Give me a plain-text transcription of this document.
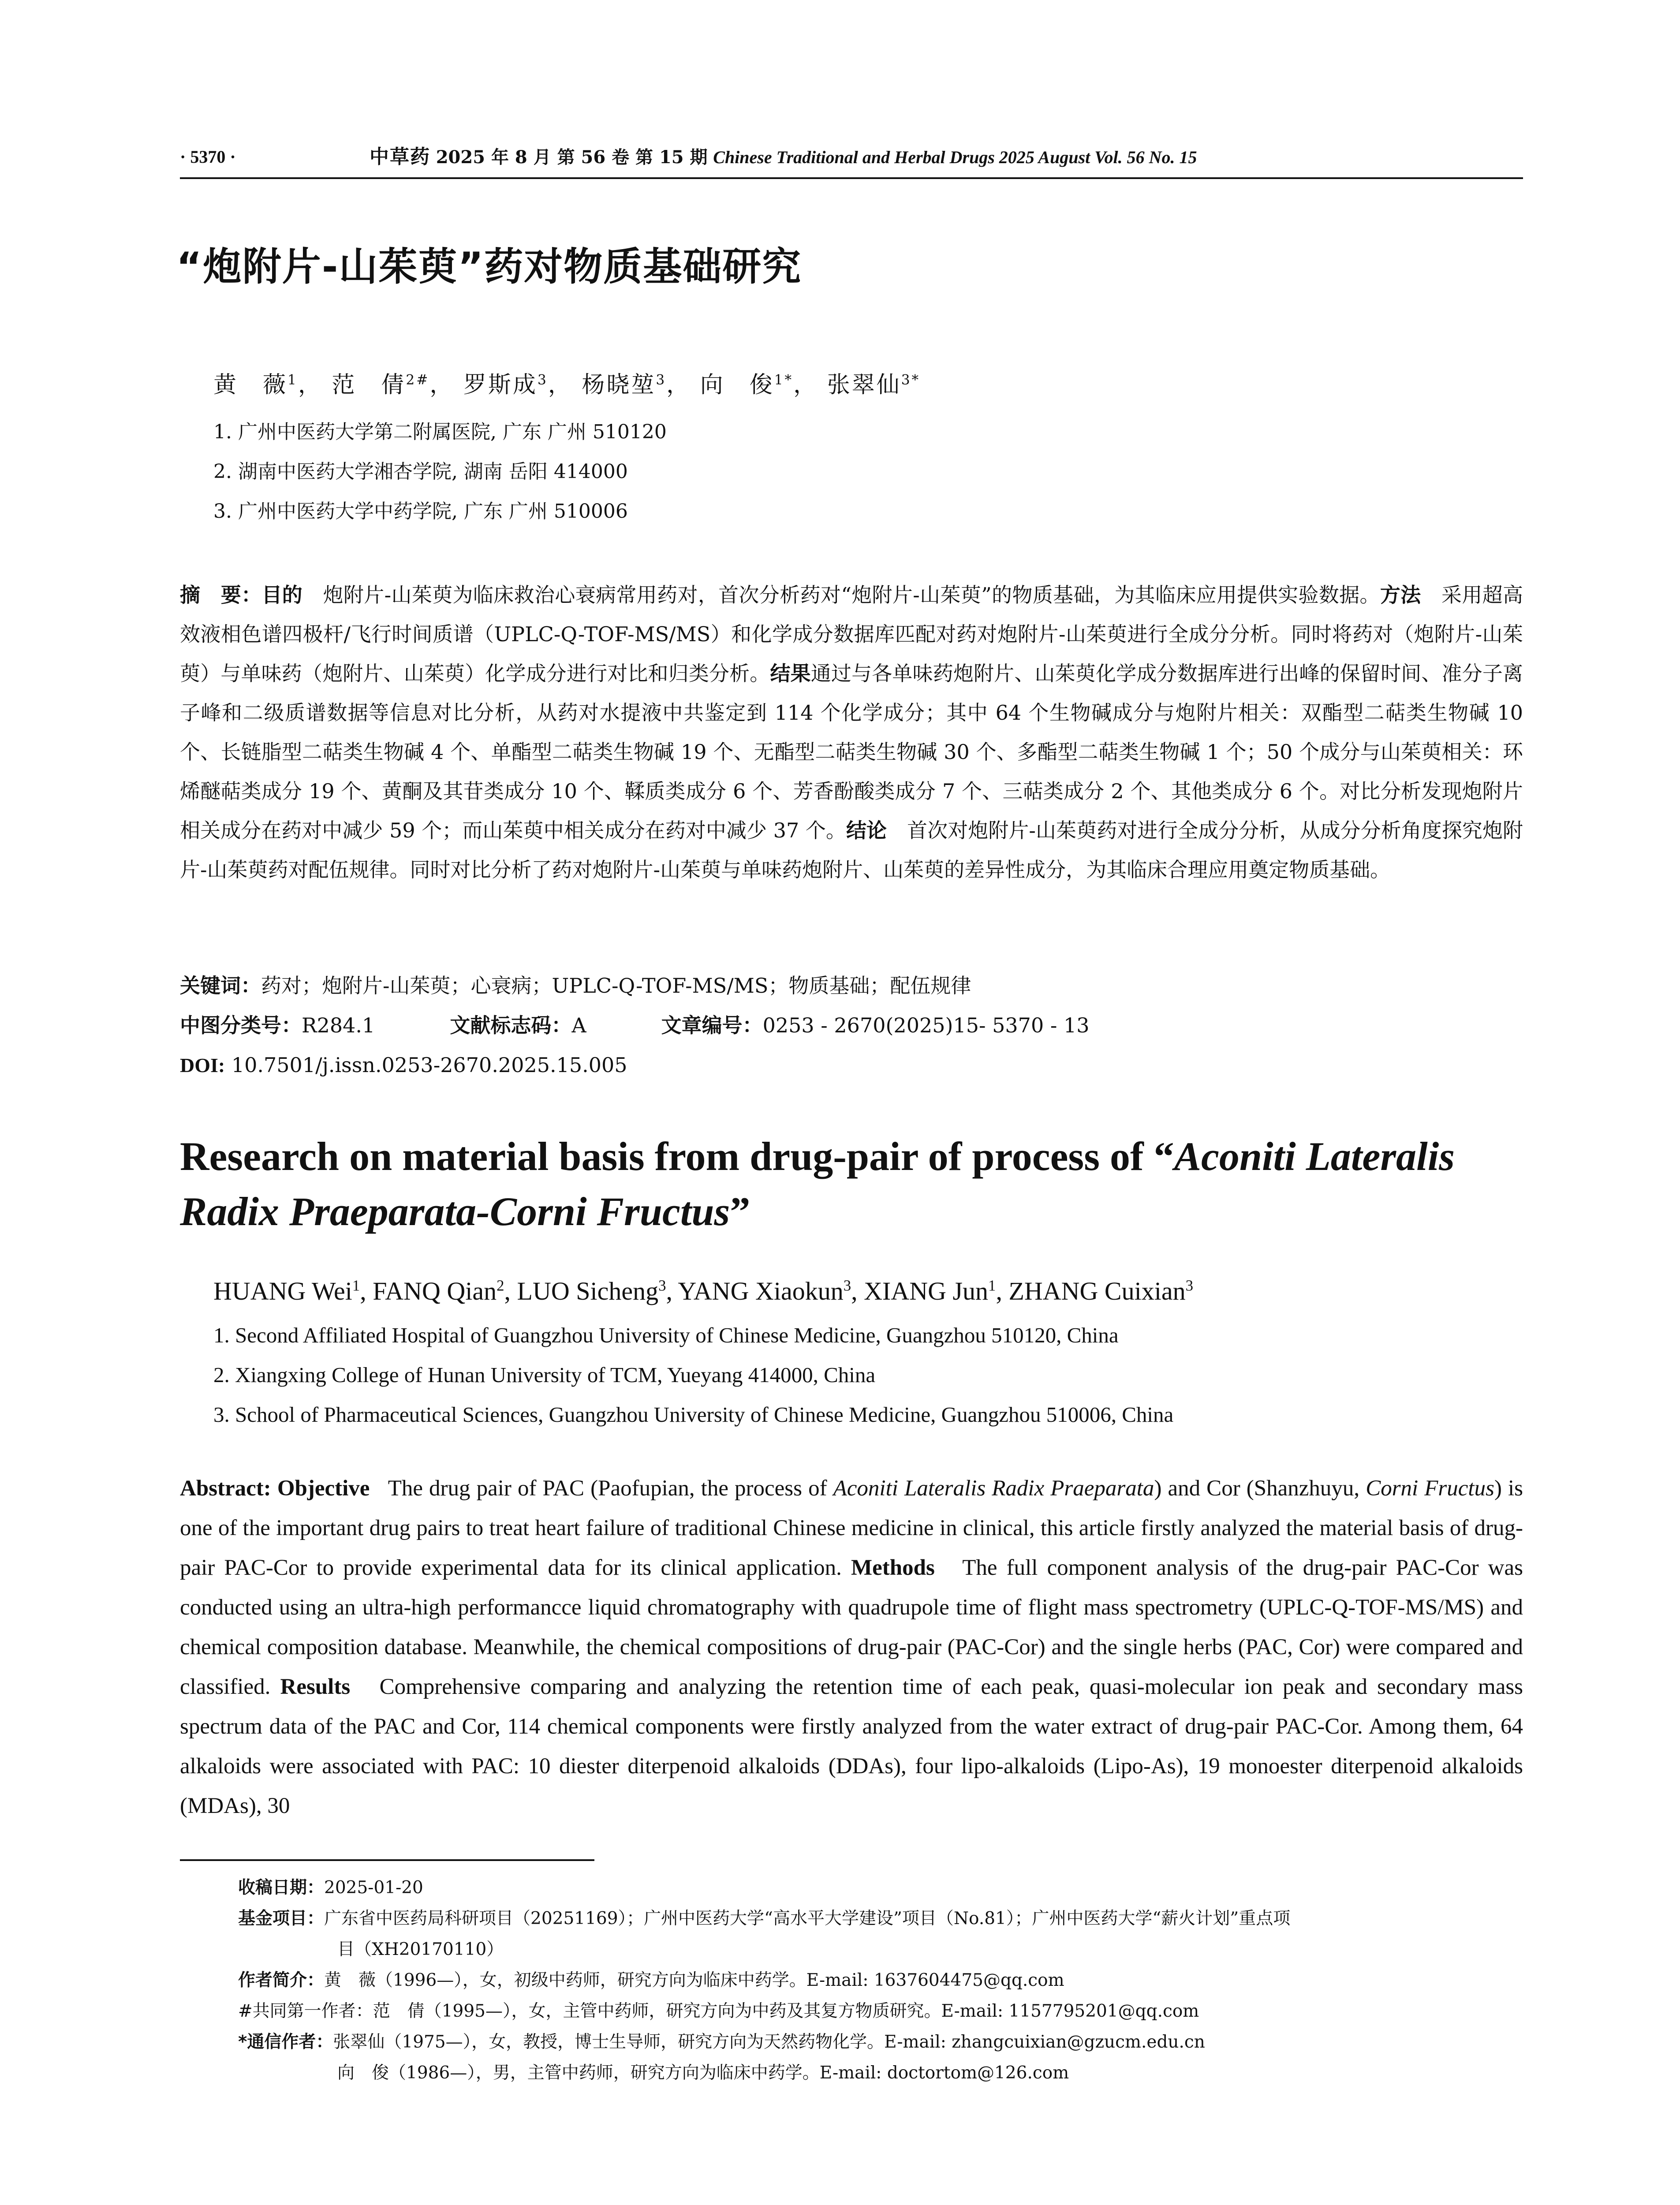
· 5370 ·	中草药 2025 年 8 月 第 56 卷 第 15 期 Chinese Traditional and Herbal Drugs 2025 August Vol. 56 No. 15
“炮附片-山茱萸”药对物质基础研究
黄　薇$^1$， 范　倩$^{2\#}$， 罗斯成$^3$， 杨晓堃$^3$， 向　俊$^{1*}$， 张翠仙$^{3*}$
1. 广州中医药大学第二附属医院, 广东 广州 510120
2. 湖南中医药大学湘杏学院, 湖南 岳阳 414000
3. 广州中医药大学中药学院, 广东 广州 510006
摘　要：目的　 炮附片-山茱萸为临床救治心衰病常用药对，首次分析药对“炮附片-山茱萸”的物质基础，为其临床应用提供实验数据。方法　 采用超高效液相色谱四极杆/飞行时间质谱（UPLC-Q-TOF-MS/MS）和化学成分数据库匹配对药对炮附片-山茱萸进行全成分分析。同时将药对（炮附片-山茱萸）与单味药（炮附片、山茱萸）化学成分进行对比和归类分析。结果通过与各单味药炮附片、山茱萸化学成分数据库进行出峰的保留时间、准分子离子峰和二级质谱数据等信息对比分析，从药对水提液中共鉴定到 114 个化学成分；其中 64 个生物碱成分与炮附片相关：双酯型二萜类生物碱 10 个、长链脂型二萜类生物碱 4 个、单酯型二萜类生物碱 19 个、无酯型二萜类生物碱 30 个、多酯型二萜类生物碱 1 个；50 个成分与山茱萸相关：环烯醚萜类成分 19 个、黄酮及其苷类成分 10 个、鞣质类成分 6 个、芳香酚酸类成分 7 个、三萜类成分 2 个、其他类成分 6 个。对比分析发现炮附片相关成分在药对中减少 59 个；而山茱萸中相关成分在药对中减少 37 个。结论　 首次对炮附片-山茱萸药对进行全成分分析，从成分分析角度探究炮附片-山茱萸药对配伍规律。同时对比分析了药对炮附片-山茱萸与单味药炮附片、山茱萸的差异性成分，为其临床合理应用奠定物质基础。
关键词：药对；炮附片-山茱萸；心衰病；UPLC-Q-TOF-MS/MS；物质基础；配伍规律
中图分类号：R284.1	文献标志码：A	文章编号：0253 - 2670(2025)15- 5370 - 13
DOI: 10.7501/j.issn.0253-2670.2025.15.005
Research on material basis from drug-pair of process of “Aconiti Lateralis Radix Praeparata-Corni Fructus”
HUANG Wei$^1$, FANQ Qian$^2$, LUO Sicheng$^3$, YANG Xiaokun$^3$, XIANG Jun$^1$, ZHANG Cuixian$^3$
1. Second Affiliated Hospital of Guangzhou University of Chinese Medicine, Guangzhou 510120, China
2. Xiangxing College of Hunan University of TCM, Yueyang 414000, China
3. School of Pharmaceutical Sciences, Guangzhou University of Chinese Medicine, Guangzhou 510006, China
Abstract: Objective The drug pair of PAC (Paofupian, the process of Aconiti Lateralis Radix Praeparata) and Cor (Shanzhuyu, Corni Fructus) is one of the important drug pairs to treat heart failure of traditional Chinese medicine in clinical, this article firstly analyzed the material basis of drug-pair PAC-Cor to provide experimental data for its clinical application. Methods The full component analysis of the drug-pair PAC-Cor was conducted using an ultra-high performancce liquid chromatography with quadrupole time of flight mass spectrometry (UPLC-Q-TOF-MS/MS) and chemical composition database. Meanwhile, the chemical compositions of drug-pair (PAC-Cor) and the single herbs (PAC, Cor) were compared and classified. Results Comprehensive comparing and analyzing the retention time of each peak, quasi-molecular ion peak and secondary mass spectrum data of the PAC and Cor, 114 chemical components were firstly analyzed from the water extract of drug-pair PAC-Cor. Among them, 64 alkaloids were associated with PAC: 10 diester diterpenoid alkaloids (DDAs), four lipo-alkaloids (Lipo-As), 19 monoester diterpenoid alkaloids (MDAs), 30
收稿日期：2025-01-20
基金项目：广东省中医药局科研项目（20251169）；广州中医药大学“高水平大学建设”项目（No.81）；广州中医药大学“薪火计划”重点项
目（XH20170110）
作者简介：黄　薇（1996—），女，初级中药师，研究方向为临床中药学。E-mail: 1637604475@qq.com
#共同第一作者：范　倩（1995—），女，主管中药师，研究方向为中药及其复方物质研究。E-mail: 1157795201@qq.com
*通信作者：张翠仙（1975—），女，教授，博士生导师，研究方向为天然药物化学。E-mail: zhangcuixian@gzucm.edu.cn
向　俊（1986—），男，主管中药师，研究方向为临床中药学。E-mail: doctortom@126.com
